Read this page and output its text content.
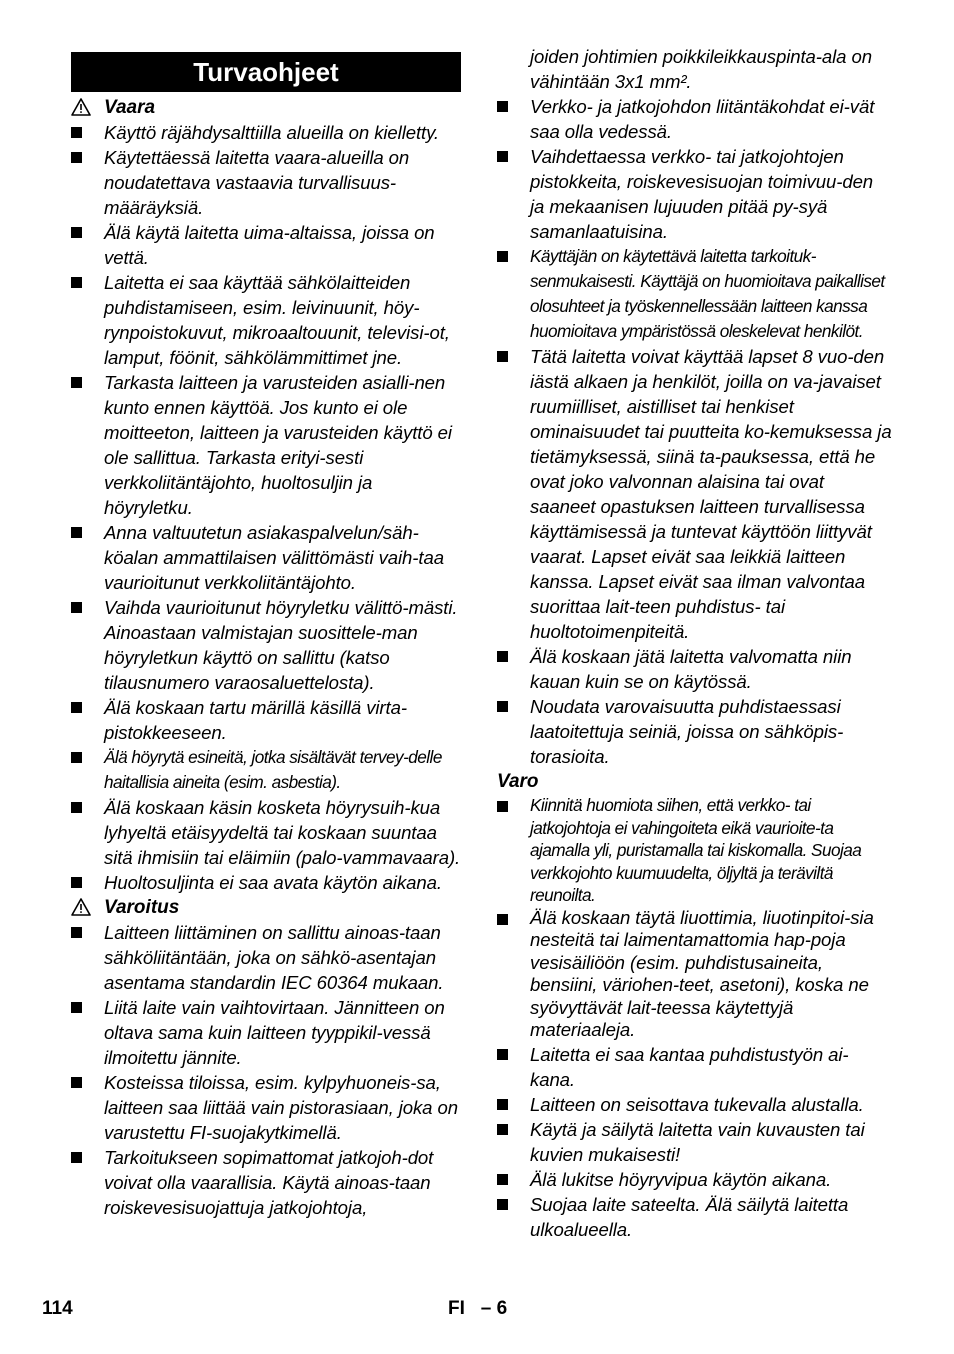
Turvaohjeet
Vaara
Käyttö räjähdysalttiilla alueilla on kielletty.
Käytettäessä laitetta vaara-alueilla on noudatettava vastaavia turvallisuus-määräyksiä.
Älä käytä laitetta uima-altaissa, joissa on vettä.
Laitetta ei saa käyttää sähkölaitteiden puhdistamiseen, esim. leivinuunit, höy-rynpoistokuvut, mikroaaltouunit, televisi-ot, lamput, föönit, sähkölämmittimet jne.
Tarkasta laitteen ja varusteiden asialli-nen kunto ennen käyttöä. Jos kunto ei ole moitteeton, laitteen ja varusteiden käyttö ei ole sallittua. Tarkasta erityi-sesti verkkoliitäntäjohto, huoltosuljin ja höyryletku.
Anna valtuutetun asiakaspalvelun/säh-köalan ammattilaisen välittömästi vaih-taa vaurioitunut verkkoliitäntäjohto.
Vaihda vaurioitunut höyryletku välittö-mästi. Ainoastaan valmistajan suosittele-man höyryletkun käyttö on sallittu (katso tilausnumero varaosaluettelosta).
Älä koskaan tartu märillä käsillä virta-pistokkeeseen.
Älä höyrytä esineitä, jotka sisältävät tervey-delle haitallisia aineita (esim. asbestia).
Älä koskaan käsin kosketa höyrysuih-kua lyhyeltä etäisyydeltä tai koskaan suuntaa sitä ihmisiin tai eläimiin (palo-vammavaara).
Huoltosuljinta ei saa avata käytön aikana.
Varoitus
Laitteen liittäminen on sallittu ainoas-taan sähköliitäntään, joka on sähkö-asentajan asentama standardin IEC 60364 mukaan.
Liitä laite vain vaihtovirtaan. Jännitteen on oltava sama kuin laitteen tyyppikil-vessä ilmoitettu jännite.
Kosteissa tiloissa, esim. kylpyhuoneis-sa, laitteen saa liittää vain pistorasiaan, joka on varustettu FI-suojakytkimellä.
Tarkoitukseen sopimattomat jatkojoh-dot voivat olla vaarallisia. Käytä ainoas-taan roiskevesisuojattuja jatkojohtoja,
joiden johtimien poikkileikkauspinta-ala on vähintään 3x1 mm².
Verkko- ja jatkojohdon liitäntäkohdat ei-vät saa olla vedessä.
Vaihdettaessa verkko- tai jatkojohtojen pistokkeita, roiskevesisuojan toimivuu-den ja mekaanisen lujuuden pitää py-syä samanlaatuisina.
Käyttäjän on käytettävä laitetta tarkoituk-senmukaisesti. Käyttäjä on huomioitava paikalliset olosuhteet ja työskennellessään laitteen kanssa huomioitava ympäristössä oleskelevat henkilöt.
Tätä laitetta voivat käyttää lapset 8 vuo-den iästä alkaen ja henkilöt, joilla on va-javaiset ruumiilliset, aistilliset tai henkiset ominaisuudet tai puutteita ko-kemuksessa ja tietämyksessä, siinä ta-pauksessa, että he ovat joko valvonnan alaisina tai ovat saaneet opastuksen laitteen turvallisessa käyttämisessä ja tuntevat käyttöön liittyvät vaarat. Lapset eivät saa leikkiä laitteen kanssa. Lapset eivät saa ilman valvontaa suorittaa lait-teen puhdistus- tai huoltotoimenpiteitä.
Älä koskaan jätä laitetta valvomatta niin kauan kuin se on käytössä.
Noudata varovaisuutta puhdistaessasi laatoitettuja seiniä, joissa on sähköpis-torasioita.
Varo
Kiinnitä huomiota siihen, että verkko- tai jatkojohtoja ei vahingoiteta eikä vaurioite-ta ajamalla yli, puristamalla tai kiskomalla. Suojaa verkkojohto kuumuudelta, öljyltä ja teräviltä reunoilta.
Älä koskaan täytä liuottimia, liuotinpitoi-sia nesteitä tai laimentamattomia hap-poja vesisäiliöön (esim. puhdistusaineita, bensiini, väriohen-teet, asetoni), koska ne syövyttävät lait-teessa käytettyjä materiaaleja.
Laitetta ei saa kantaa puhdistustyön ai-kana.
Laitteen on seisottava tukevalla alustalla.
Käytä ja säilytä laitetta vain kuvausten tai kuvien mukaisesti!
Älä lukitse höyryvipua käytön aikana.
Suojaa laite sateelta. Älä säilytä laitetta ulkoalueella.
114	FI   – 6
